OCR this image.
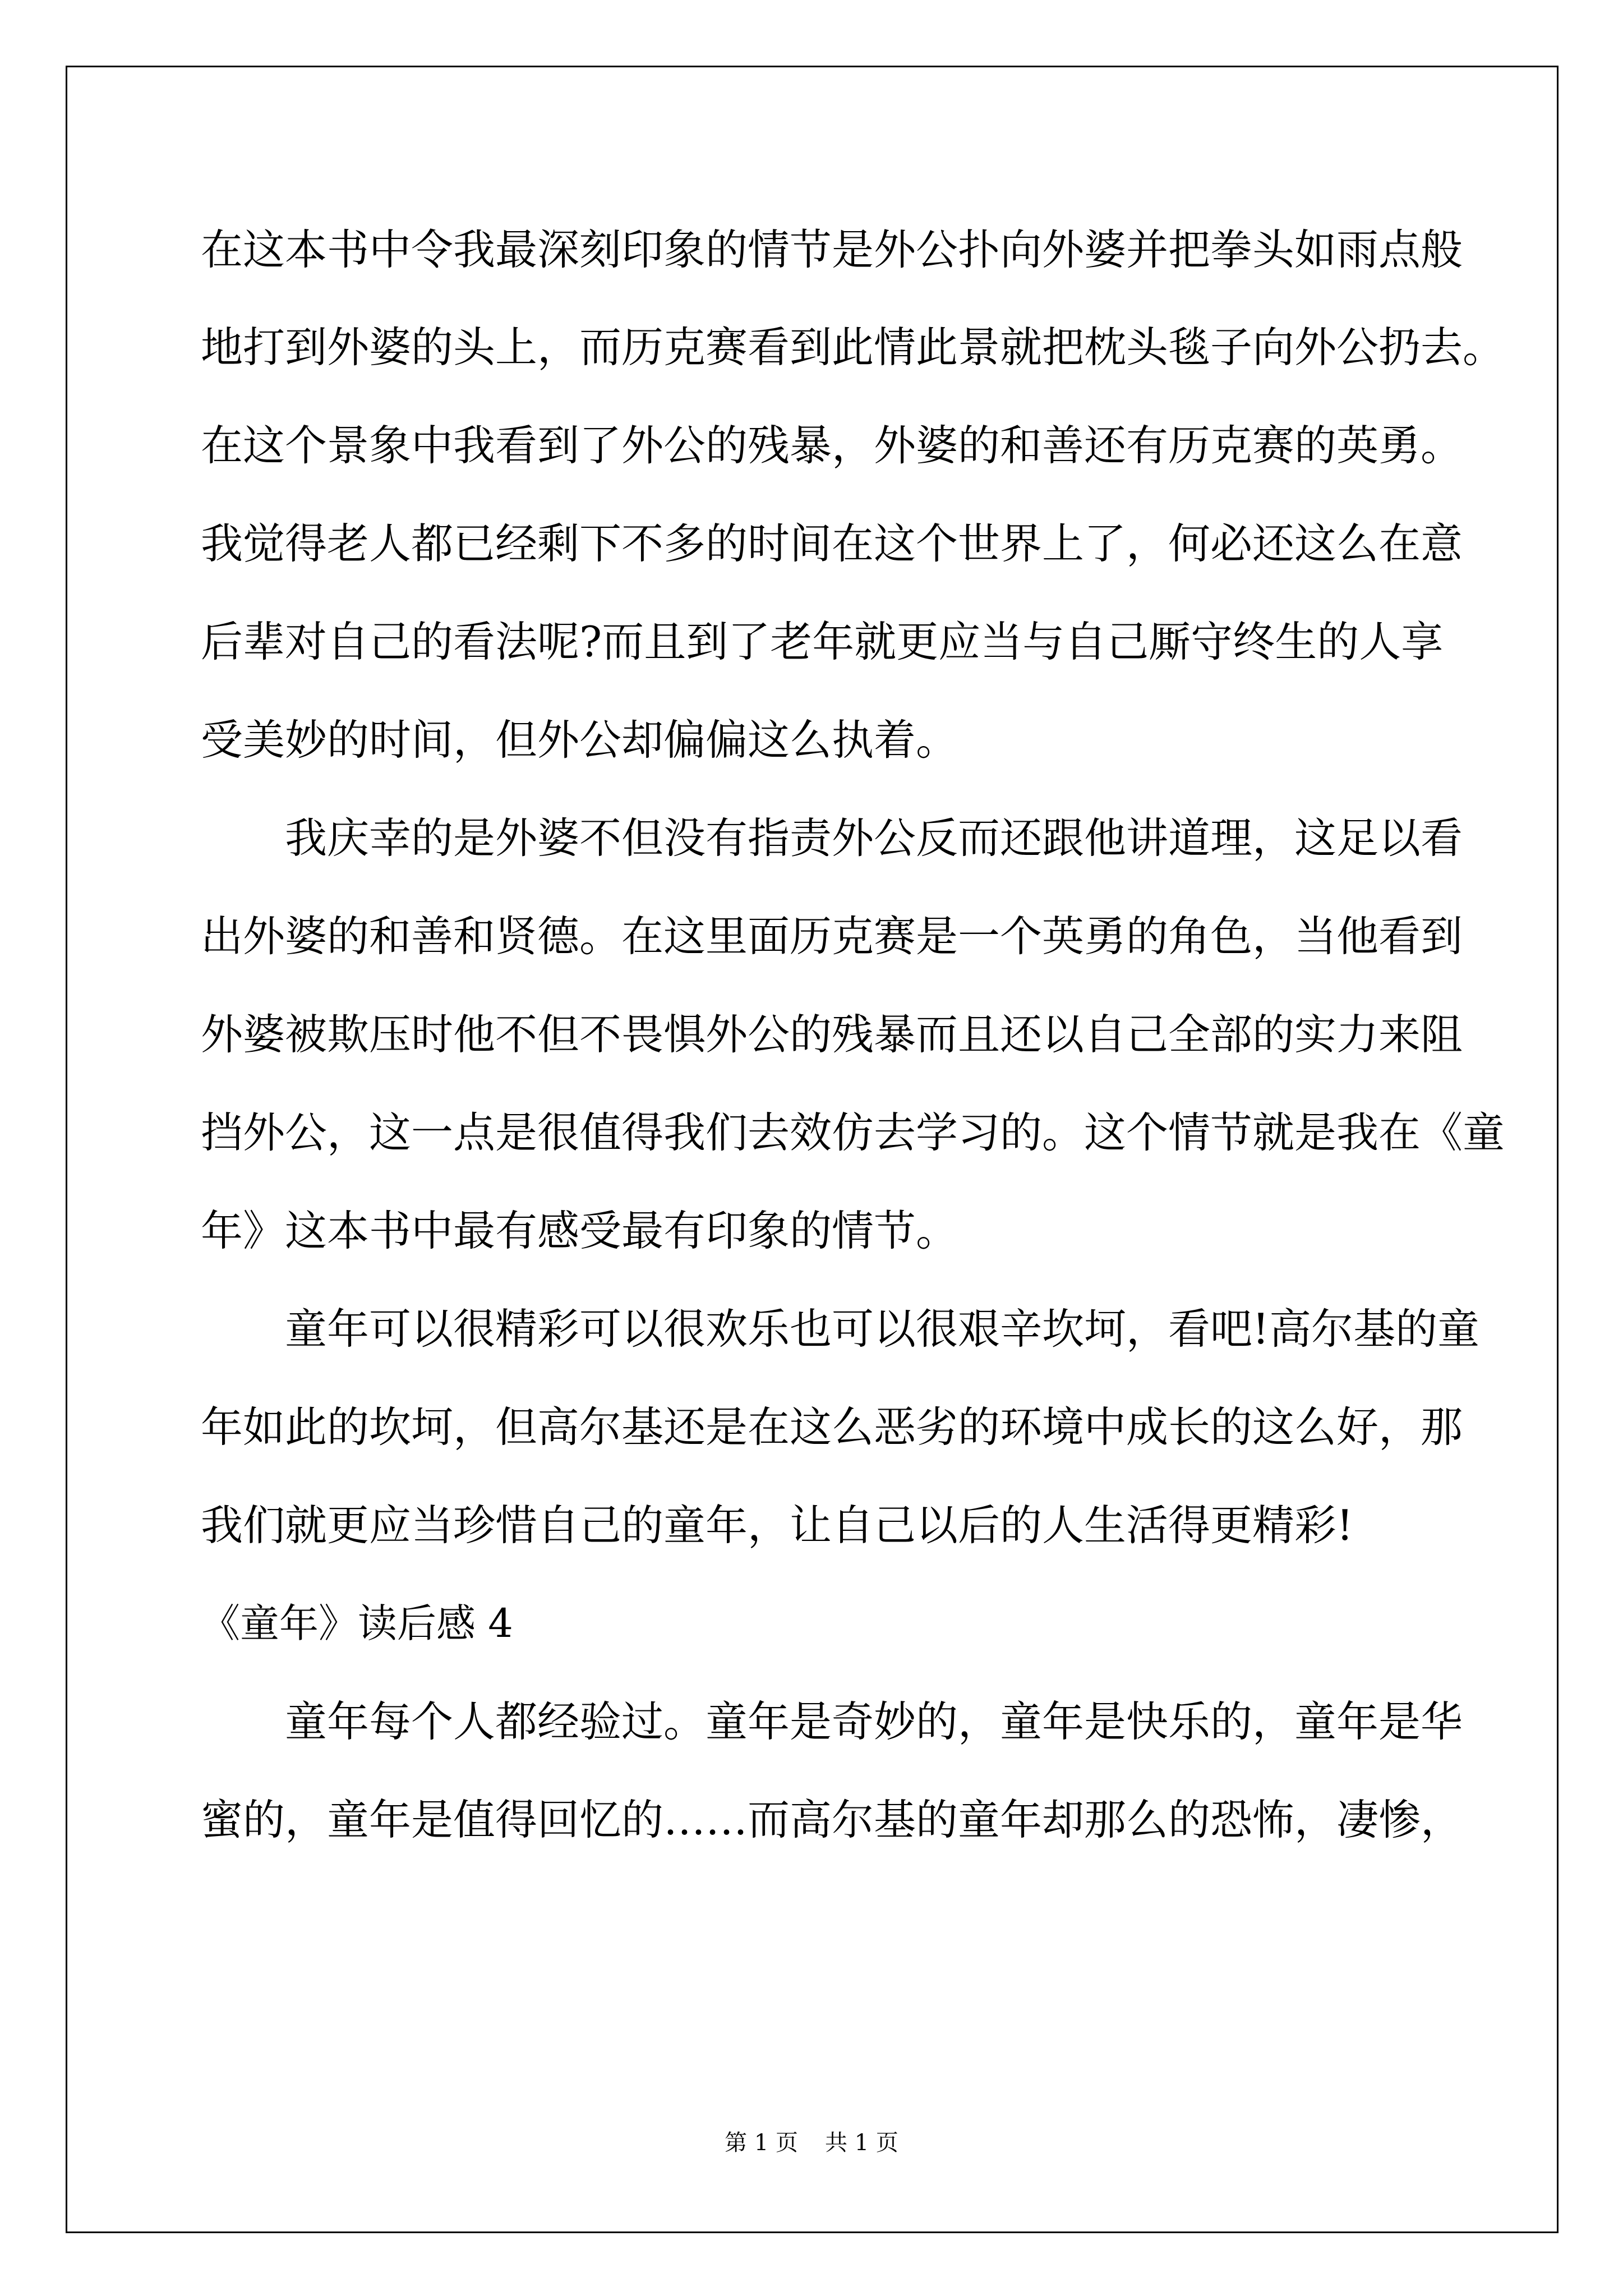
在这本书中令我最深刻印象的情节是外公扑向外婆并把拳头如雨点般
地打到外婆的头上，而历克赛看到此情此景就把枕头毯子向外公扔去。
在这个景象中我看到了外公的残暴，外婆的和善还有历克赛的英勇。
我觉得老人都已经剩下不多的时间在这个世界上了，何必还这么在意
后辈对自己的看法呢?而且到了老年就更应当与自己厮守终生的人享
受美妙的时间，但外公却偏偏这么执着。
我庆幸的是外婆不但没有指责外公反而还跟他讲道理，这足以看
出外婆的和善和贤德。在这里面历克赛是一个英勇的角色，当他看到
外婆被欺压时他不但不畏惧外公的残暴而且还以自己全部的实力来阻
挡外公，这一点是很值得我们去效仿去学习的。这个情节就是我在《童
年》这本书中最有感受最有印象的情节。
童年可以很精彩可以很欢乐也可以很艰辛坎坷，看吧!高尔基的童
年如此的坎坷，但高尔基还是在这么恶劣的环境中成长的这么好，那
我们就更应当珍惜自己的童年，让自己以后的人生活得更精彩!
《童年》读后感 4
童年每个人都经验过。童年是奇妙的，童年是快乐的，童年是华
蜜的，童年是值得回忆的……而高尔基的童年却那么的恐怖，凄惨，
第 1 页 共 1 页
